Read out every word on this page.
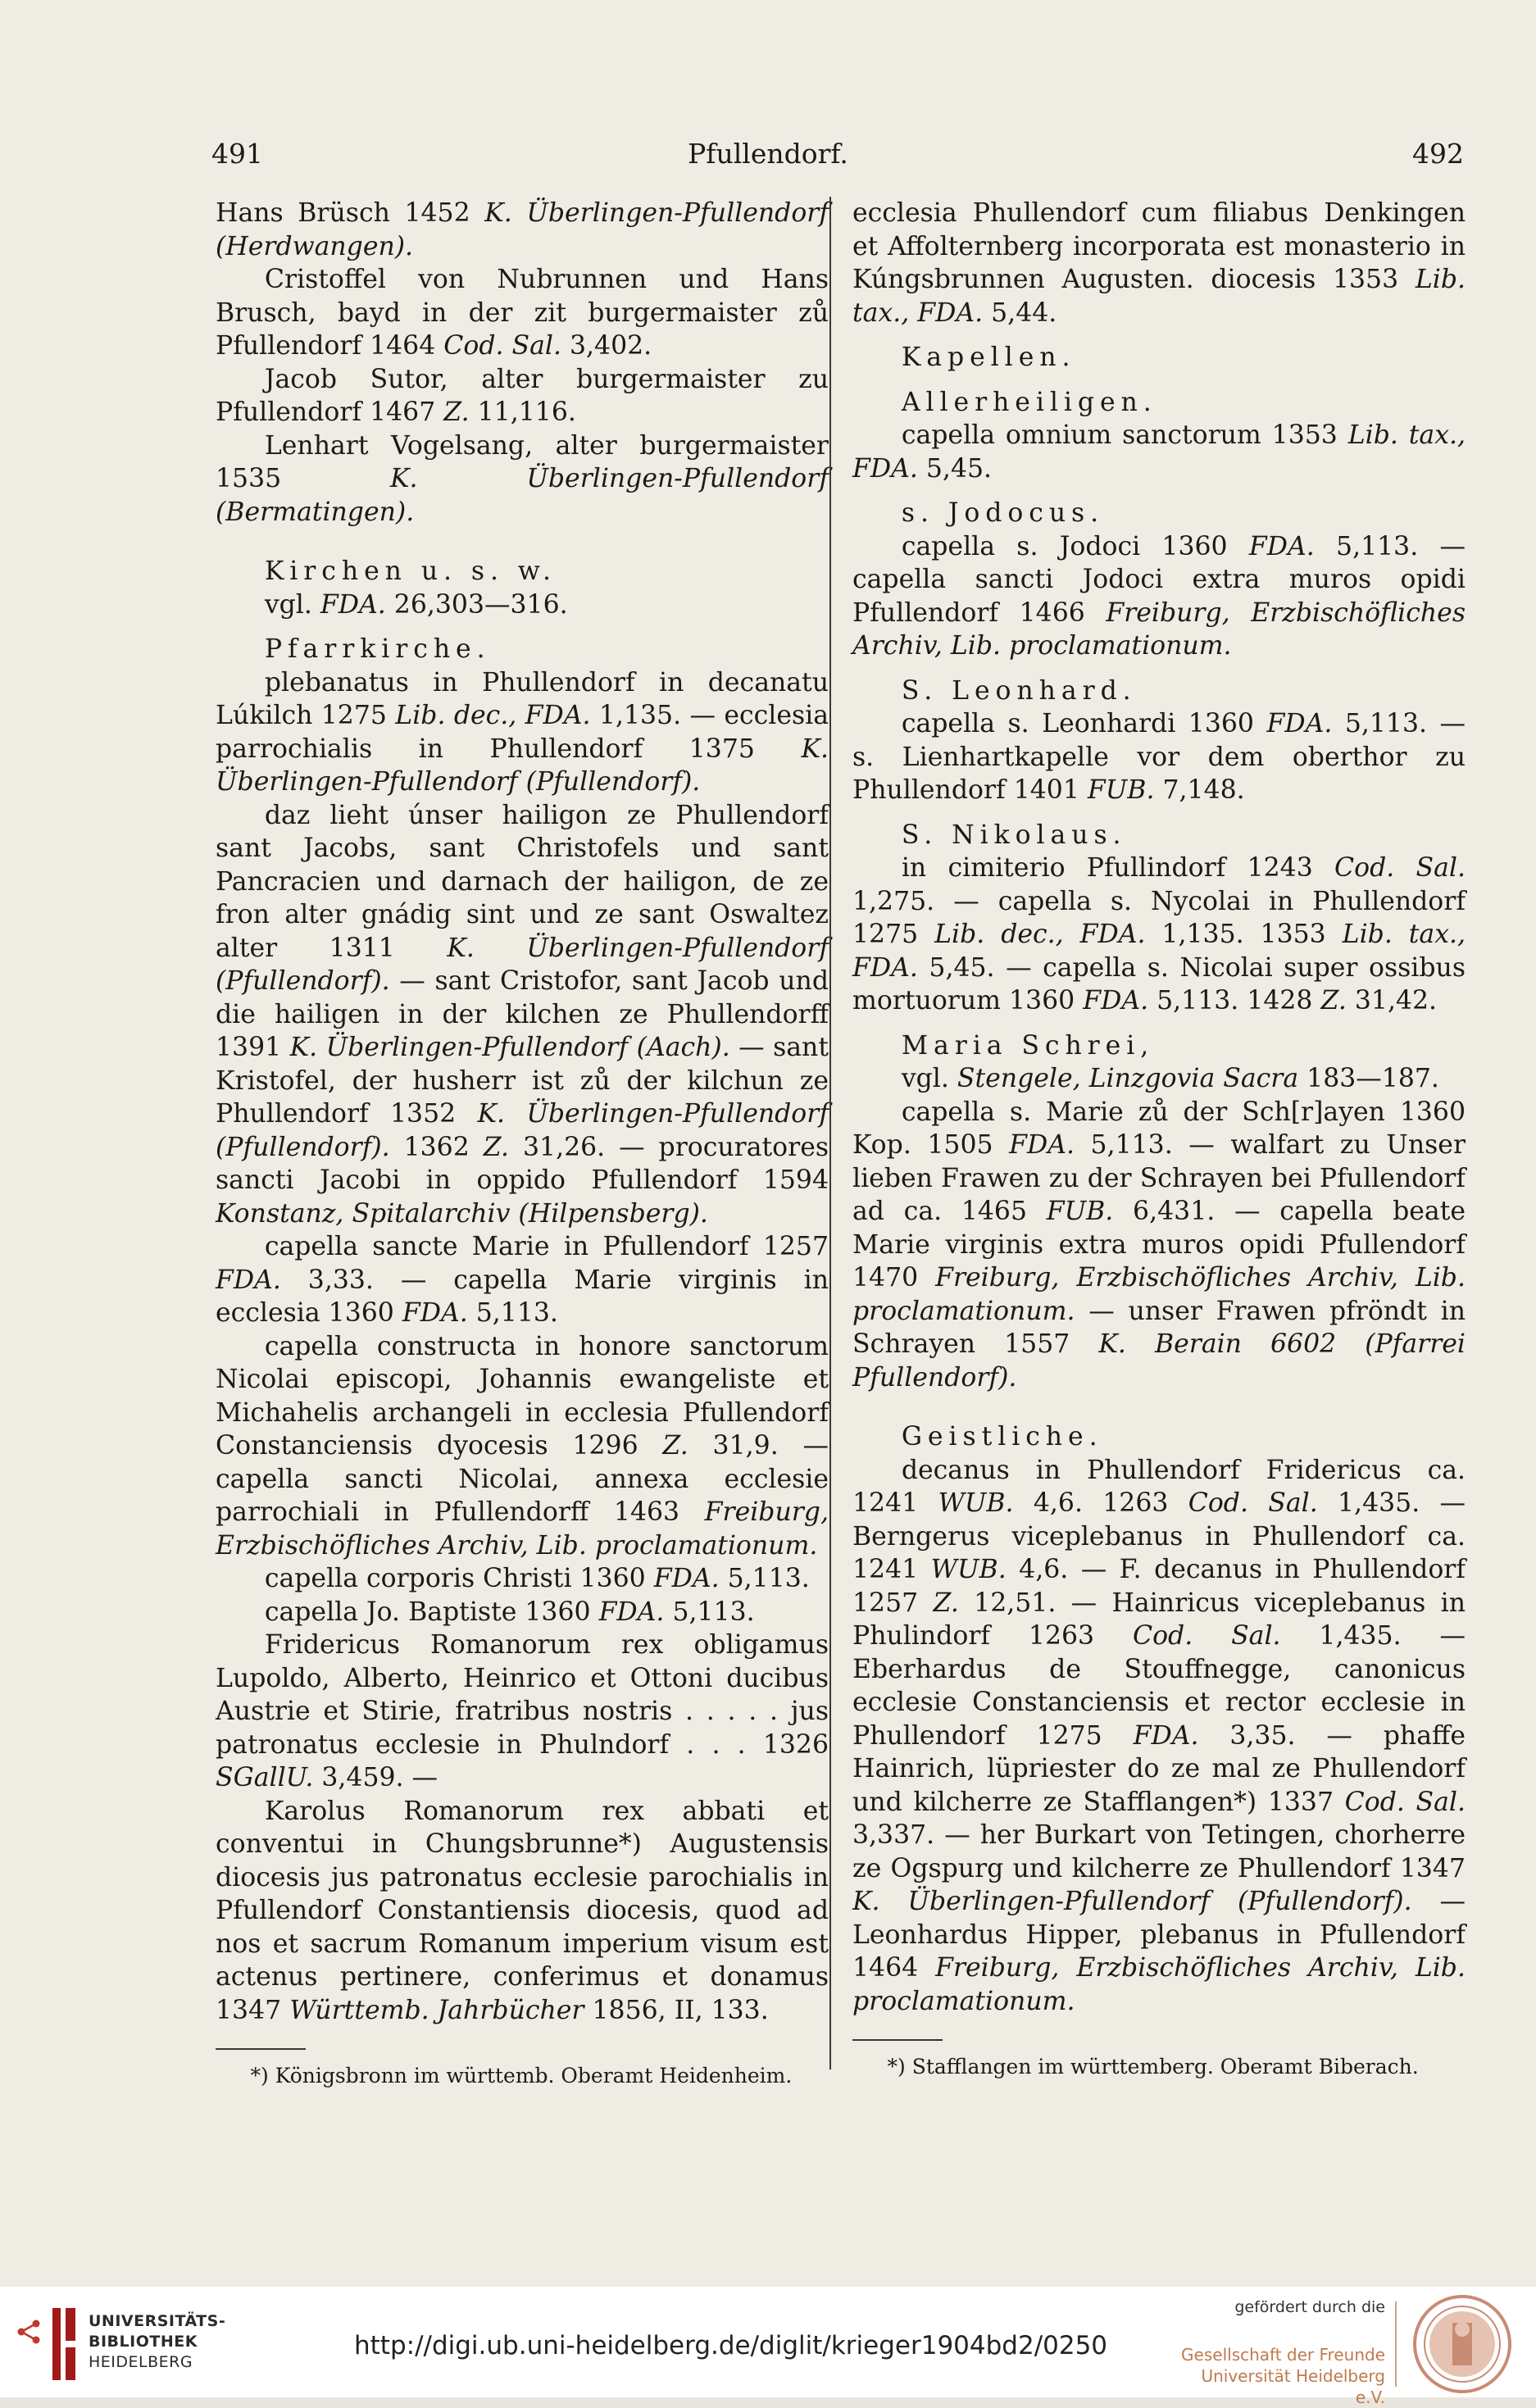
491	Pfullendorf.	492

Hans Brüsch 1452 K. Überlingen-Pfullendorf (Herdwangen).

Cristoffel von Nubrunnen und Hans Brusch, bayd in der zit burgermaister zů Pfullendorf 1464 Cod. Sal. 3,402.

Jacob Sutor, alter burgermaister zu Pfullendorf 1467 Z. 11,116.

Lenhart Vogelsang, alter burgermaister 1535 K. Überlingen-Pfullendorf (Bermatingen).

Kirchen u. s. w.

vgl. FDA. 26,303—316.

Pfarrkirche.

plebanatus in Phullendorf in decanatu Lúkilch 1275 Lib. dec., FDA. 1,135. — ecclesia parrochialis in Phullendorf 1375 K. Überlingen-Pfullendorf (Pfullendorf).

daz lieht únser hailigon ze Phullendorf sant Jacobs, sant Christofels und sant Pancracien und darnach der hailigon, de ze fron alter gnádig sint und ze sant Oswaltez alter 1311 K. Überlingen-Pfullendorf (Pfullendorf). — sant Cristofor, sant Jacob und die hailigen in der kilchen ze Phullendorff 1391 K. Überlingen-Pfullendorf (Aach). — sant Kristofel, der husherr ist zů der kilchun ze Phullendorf 1352 K. Überlingen-Pfullendorf (Pfullendorf). 1362 Z. 31,26. — procuratores sancti Jacobi in oppido Pfullendorf 1594 Konstanz, Spitalarchiv (Hilpensberg).

capella sancte Marie in Pfullendorf 1257 FDA. 3,33. — capella Marie virginis in ecclesia 1360 FDA. 5,113.

capella constructa in honore sanctorum Nicolai episcopi, Johannis ewangeliste et Michahelis archangeli in ecclesia Pfullendorf Constanciensis dyocesis 1296 Z. 31,9. — capella sancti Nicolai, annexa ecclesie parrochiali in Pfullendorff 1463 Freiburg, Erzbischöfliches Archiv, Lib. proclamationum.

capella corporis Christi 1360 FDA. 5,113.

capella Jo. Baptiste 1360 FDA. 5,113.

Fridericus Romanorum rex obligamus Lupoldo, Alberto, Heinrico et Ottoni ducibus Austrie et Stirie, fratribus nostris . . . . . jus patronatus ecclesie in Phulndorf . . . 1326 SGallU. 3,459. —

Karolus Romanorum rex abbati et conventui in Chungsbrunne*) Augustensis diocesis jus patronatus ecclesie parochialis in Pfullendorf Constantiensis diocesis, quod ad nos et sacrum Romanum imperium visum est actenus pertinere, conferimus et donamus 1347 Württemb. Jahrbücher 1856, II, 133.

*) Königsbronn im württemb. Oberamt Heidenheim.

ecclesia Phullendorf cum filiabus Denkingen et Affolternberg incorporata est monasterio in Kúngsbrunnen Augusten. diocesis 1353 Lib. tax., FDA. 5,44.

Kapellen.

Allerheiligen.

capella omnium sanctorum 1353 Lib. tax., FDA. 5,45.

s. Jodocus.

capella s. Jodoci 1360 FDA. 5,113. — capella sancti Jodoci extra muros opidi Pfullendorf 1466 Freiburg, Erzbischöfliches Archiv, Lib. proclamationum.

S. Leonhard.

capella s. Leonhardi 1360 FDA. 5,113. — s. Lienhartkapelle vor dem oberthor zu Phullendorf 1401 FUB. 7,148.

S. Nikolaus.

in cimiterio Pfullindorf 1243 Cod. Sal. 1,275. — capella s. Nycolai in Phullendorf 1275 Lib. dec., FDA. 1,135. 1353 Lib. tax., FDA. 5,45. — capella s. Nicolai super ossibus mortuorum 1360 FDA. 5,113. 1428 Z. 31,42.

Maria Schrei,

vgl. Stengele, Linzgovia Sacra 183—187.

capella s. Marie zů der Sch[r]ayen 1360 Kop. 1505 FDA. 5,113. — walfart zu Unser lieben Frawen zu der Schrayen bei Pfullendorf ad ca. 1465 FUB. 6,431. — capella beate Marie virginis extra muros opidi Pfullendorf 1470 Freiburg, Erzbischöfliches Archiv, Lib. proclamationum. — unser Frawen pfröndt in Schrayen 1557 K. Berain 6602 (Pfarrei Pfullendorf).

Geistliche.

decanus in Phullendorf Fridericus ca. 1241 WUB. 4,6. 1263 Cod. Sal. 1,435. — Berngerus viceplebanus in Phullendorf ca. 1241 WUB. 4,6. — F. decanus in Phullendorf 1257 Z. 12,51. — Hainricus viceplebanus in Phulindorf 1263 Cod. Sal. 1,435. — Eberhardus de Stouffnegge, canonicus ecclesie Constanciensis et rector ecclesie in Phullendorf 1275 FDA. 3,35. — phaffe Hainrich, lüpriester do ze mal ze Phullendorf und kilcherre ze Stafflangen*) 1337 Cod. Sal. 3,337. — her Burkart von Tetingen, chorherre ze Ogspurg und kilcherre ze Phullendorf 1347 K. Überlingen-Pfullendorf (Pfullendorf). — Leonhardus Hipper, plebanus in Pfullendorf 1464 Freiburg, Erzbischöfliches Archiv, Lib. proclamationum.

*) Stafflangen im württemberg. Oberamt Biberach.

UNIVERSITÄTS-
BIBLIOTHEK
HEIDELBERG
http://digi.ub.uni-heidelberg.de/diglit/krieger1904bd2/0250
gefördert durch die
Gesellschaft der Freunde
Universität Heidelberg e.V.
